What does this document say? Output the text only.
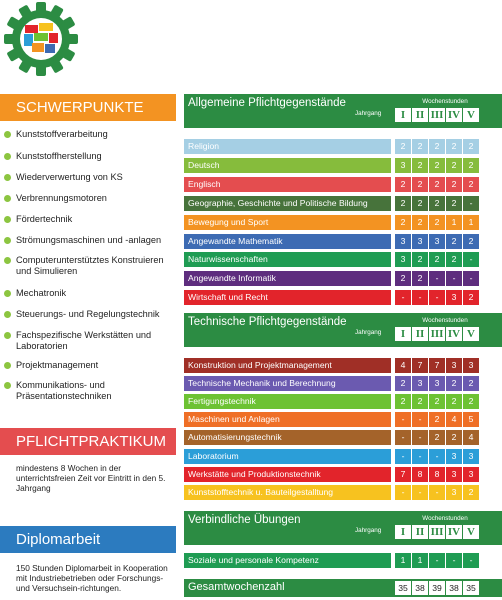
SCHWERPUNKTE
Kunststoffverarbeitung
Kunststoffherstellung
Wiederverwertung von KS
Verbrennungsmotoren
Fördertechnik
Strömungsmaschinen und -anlagen
Computerunterstütztes Konstruieren und Simulieren
Mechatronik
Steuerungs- und Regelungstechnik
Fachspezifische Werkstätten und Laboratorien
Projektmanagement
Kommunikations- und Präsentationstechniken
PFLICHTPRAKTIKUM
mindestens 8 Wochen in der unterrichtsfreien Zeit vor Eintritt in den 5. Jahrgang
Diplomarbeit
150 Stunden Diplomarbeit in Kooperation mit Industriebetrieben oder Forschungs- und Versuchsein-richtungen.
Allgemeine Pflichtgegenstände	Wochenstunden
Jahrgang	I II III IV V
Technische Pflichtgegenstände	Wochenstunden
Jahrgang	I II III IV V
Verbindliche Übungen	Wochenstunden
Jahrgang	I II III IV V
Religion	2	2	2	2	2
Deutsch	3	2	2	2	2
Englisch	2	2	2	2	2
Geographie, Geschichte und Politische Bildung	2	2	2	2	-
Bewegung und Sport	2	2	2	1	1
Angewandte Mathematik	3	3	3	2	2
Naturwissenschaften	3	2	2	2	-
Angewandte Informatik	2	2	-	-	-
Wirtschaft und Recht	-	-	-	3	2
Konstruktion und Projektmanagement	4	7	7	3	3
Technische Mechanik und Berechnung	2	3	3	2	2
Fertigungstechnik	2	2	2	2	2
Maschinen und Anlagen	-	-	2	4	5
Automatisierungstechnik	-	-	2	2	4
Laboratorium	-	-	-	3	3
Werkstätte und Produktionstechnik	7	8	8	3	3
Kunststofftechnik u. Bauteilgestalltung	-	-	-	3	2
Soziale und personale Kompetenz	1	1	-	-	-
Gesamtwochenzahl	35 38 39 38 35
